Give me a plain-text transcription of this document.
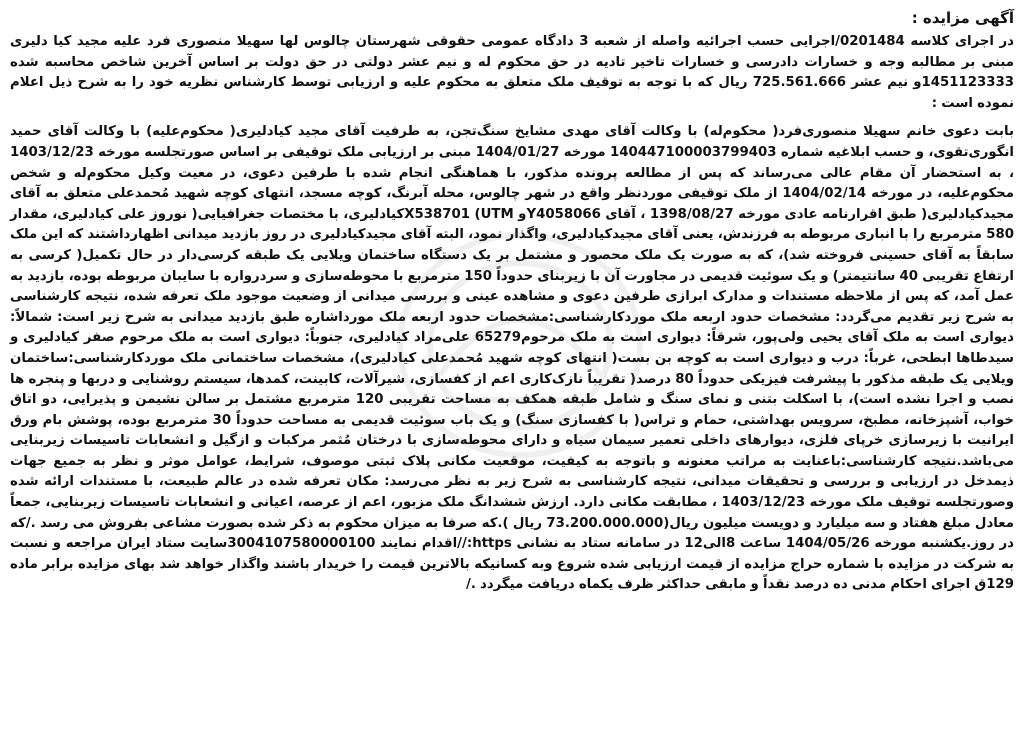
آگهی مزایده :

در اجرای کلاسه 0201484/اجرایی حسب اجرائیه واصله از شعبه 3 دادگاه عمومی حقوقی شهرستان چالوس لها سهیلا منصوری فرد علیه مجید کیا دلیری مبنی بر مطالبه وجه و خسارات دادرسی و خسارات تاخیر تادیه در حق محکوم له و نیم عشر دولتی در حق دولت بر اساس آخرین شاخص محاسبه شده 1451123333و نیم عشر 725.561.666 ریال که با توجه به توقیف ملک متعلق به محکوم علیه و ارزیابی توسط کارشناس نظریه خود را به شرح ذیل اعلام نموده است :

بابت دعوی خانم سهیلا منصوری‌فرد( محکوم‌له) با وکالت آقای مهدی مشایخ سنگ‌تجن، به طرفیت آقای مجید کیادلیری( محکوم‌علیه) با وکالت آقای حمید انگوری‌تقوی، و حسب ابلاغیه شماره 140447100003799403 مورخه 1404/01/27 مبنی بر ارزیابی ملک توقیفی بر اساس صورتجلسه مورخه 1403/12/23 ، به استحضار آن مقام عالی می‌رساند که پس از مطالعه پرونده مذکور، با هماهنگی انجام شده با طرفین دعوی، در معیت وکیل محکوم‌له و شخص محکوم‌علیه، در مورخه 1404/02/14 از ملک توقیفی موردنظر واقع در شهر چالوس، محله آبرنگ، کوچه مسجد، انتهای کوچه شهید مُحمدعلی متعلق به آقای مجیدکیادلیری( طبق اقرارنامه عادی مورخه 1398/08/27 ، آقای Y4058066و X538701 (UTMکیادلیری، با مختصات جغرافیایی( نوروز علی کیادلیری، مقدار 580 مترمربع را با انباری مربوطه به فرزندش، یعنی آقای مجیدکیادلیری، واگذار نمود، البته آقای مجیدکیادلیری در روز بازدید میدانی اظهارداشتند که این ملک سابقاً به آقای حسینی فروخته شد)، که به صورت یک ملک محصور و مشتمل بر یک دستگاه ساختمان ویلایی یک طبقه کرسی‌دار در حال تکمیل( کرسی به ارتفاع تقریبی 40 سانتیمتر) و یک سوئیت قدیمی در مجاورت آن با زیربنای حدوداً 150 مترمربع با محوطه‌سازی و سردرواره با سایبان مربوطه بوده، بازدید به عمل آمد، که پس از ملاحظه مستندات و مدارک ابرازی طرفین دعوی و مشاهده عینی و بررسی میدانی از وضعیت موجود ملک تعرفه شده، نتیجه کارشناسی به شرح زیر تقدیم می‌گردد: مشخصات حدود اربعه ملک موردکارشناسی:مشخصات حدود اربعه ملک مورداشاره طبق بازدید میدانی به شرح زیر است: شمالاً: دیواری است به ملک آقای یحیی ولی‌پور، شرقاً: دیواری است به ملک مرحوم65279 علی‌مراد کیادلیری، جنوباً: دیواری است به ملک مرحوم صفر کیادلیری و سیدطاها ابطحی، غرباً: درب و دیواری است به کوچه بن بست( انتهای کوچه شهید مُحمدعلی کیادلیری)، مشخصات ساختمانی ملک موردکارشناسی:ساختمان ویلایی یک طبقه مذکور با پیشرفت فیزیکی حدوداً 80 درصد( تقریباً نازک‌کاری اعم از کفسازی، شیرآلات، کابینت، کمدها، سیستم روشنایی و دربها و پنجره ها نصب و اجرا نشده است)، با اسکلت بتنی و نمای سنگ و شامل طبقه همکف به مساحت تقریبی 120 مترمربع مشتمل بر سالن نشیمن و پذیرایی، دو اتاق خواب، آشپزخانه، مطبخ، سرویس بهداشتی، حمام و تراس( با کفسازی سنگ) و یک باب سوئیت قدیمی به مساحت حدوداً 30 مترمربع بوده، پوشش بام ورق ایرانیت با زیرسازی خرپای فلزی، دیوارهای داخلی تعمیر سیمان سیاه و دارای محوطه‌سازی با درختان مُثمر مرکبات و ازگیل و انشعابات تاسیسات زیربنایی می‌باشد.نتیجه کارشناسی:باعنایت به مراتب معنونه و باتوجه به کیفیت، موقعیت مکانی پلاک ثبتی موصوف، شرایط، عوامل موثر و نظر به جمیع جهات ذیمدخل در ارزیابی و بررسی و تحقیقات میدانی، نتیجه کارشناسی به شرح زیر به نظر می‌رسد: مکان تعرفه شده در عالم طبیعت، با مستندات ارائه شده وصورتجلسه توقیف ملک مورخه 1403/12/23 ، مطابقت مکانی دارد. ارزش ششدانگ ملک مزبور، اعم از عرصه، اعیانی و انشعابات تاسیسات زیربنایی، جمعاً معادل مبلغ هفتاد و سه میلیارد و دویست میلیون ریال(73.200.000.000 ریال ).که صرفا به میزان محکوم به ذکر شده بصورت مشاعی بفروش می رسد ./که در روز.یکشنبه مورخه 1404/05/26 ساعت 8الی12 در سامانه ستاد به نشانی https://اقدام نمایند 3004107580000100سایت ستاد ایران مراجعه و نسبت به شرکت در مزایده با شماره حراج مزایده از قیمت ارزیابی شده شروع وبه کسانیکه بالاترین قیمت را خریدار باشند واگذار خواهد شد بهای مزایده برابر ماده 129ق اجرای احکام مدنی ده درصد نقداً و مابقی حداکثر ظرف یکماه دریافت میگردد ./
